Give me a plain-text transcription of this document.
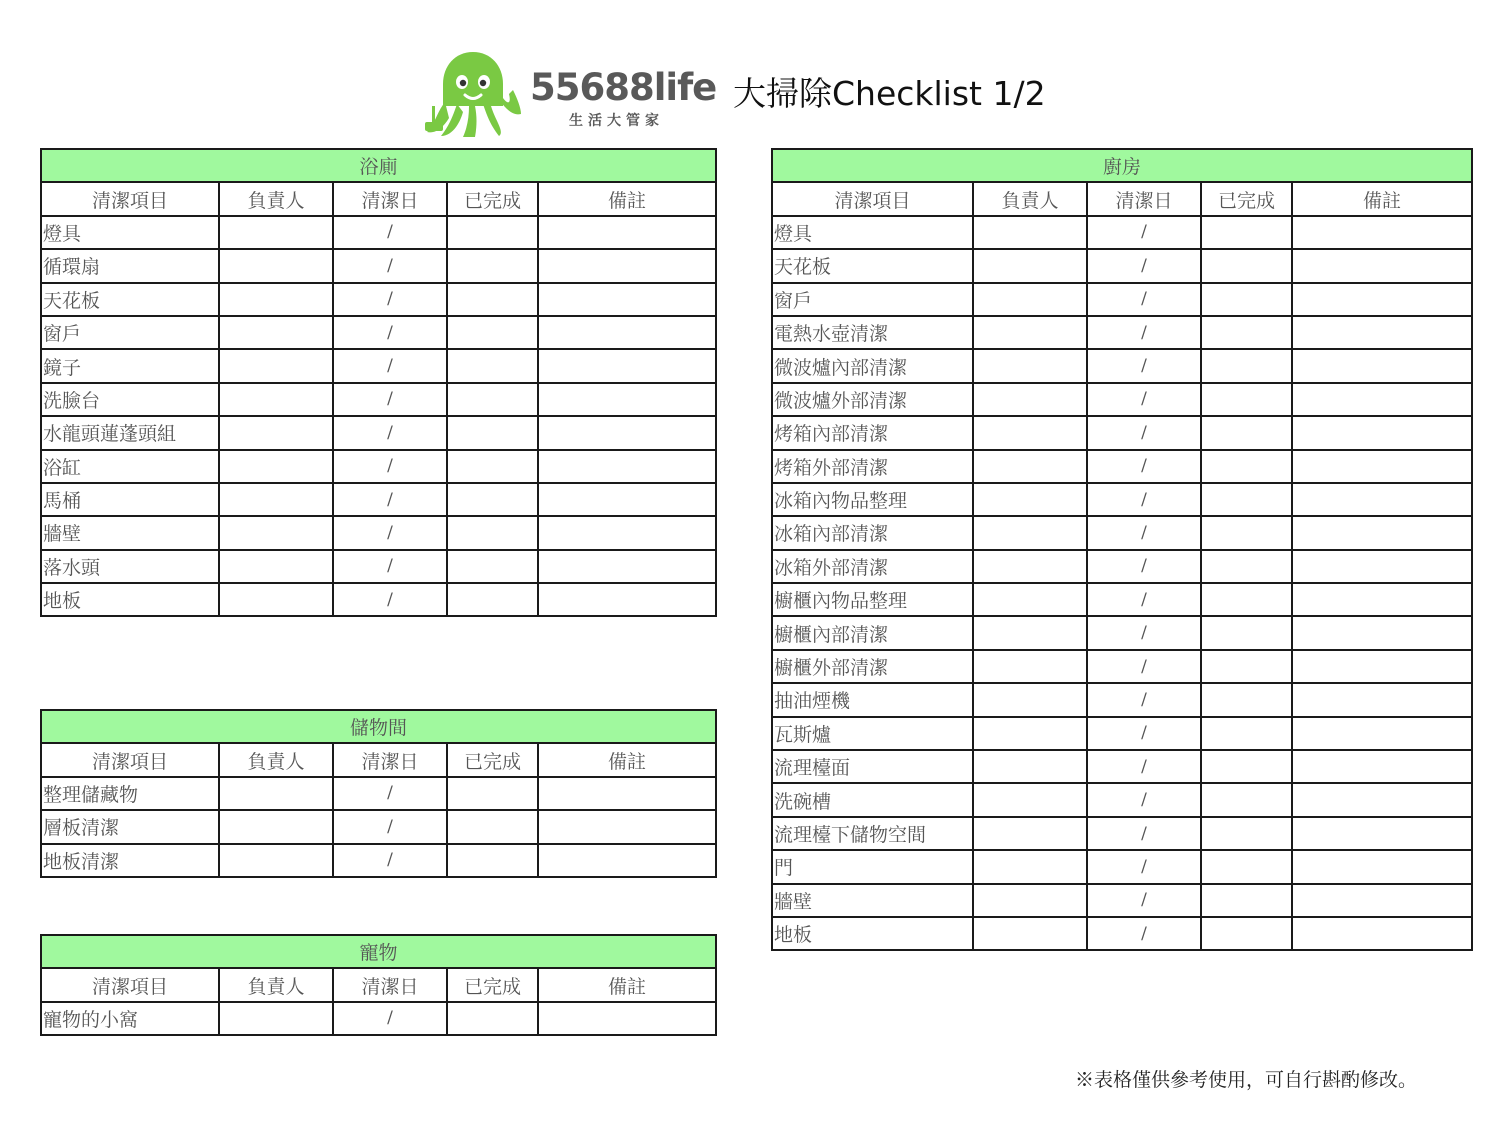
55688life
生活大管家
大掃除Checklist 1/2
浴廁				
清潔項目	負責人	清潔日	已完成	備註
燈具		/		
循環扇		/		
天花板		/		
窗戶		/		
鏡子		/		
洗臉台		/		
水龍頭蓮蓬頭組		/		
浴缸		/		
馬桶		/		
牆壁		/		
落水頭		/		
地板		/		
儲物間				
清潔項目	負責人	清潔日	已完成	備註
整理儲藏物		/		
層板清潔		/		
地板清潔		/		
寵物				
清潔項目	負責人	清潔日	已完成	備註
寵物的小窩		/		
廚房				
清潔項目	負責人	清潔日	已完成	備註
燈具		/		
天花板		/		
窗戶		/		
電熱水壺清潔		/		
微波爐內部清潔		/		
微波爐外部清潔		/		
烤箱內部清潔		/		
烤箱外部清潔		/		
冰箱內物品整理		/		
冰箱內部清潔		/		
冰箱外部清潔		/		
櫥櫃內物品整理		/		
櫥櫃內部清潔		/		
櫥櫃外部清潔		/		
抽油煙機		/		
瓦斯爐		/		
流理檯面		/		
洗碗槽		/		
流理檯下儲物空間		/		
門		/		
牆壁		/		
地板		/		
※表格僅供參考使用，可自行斟酌修改。
